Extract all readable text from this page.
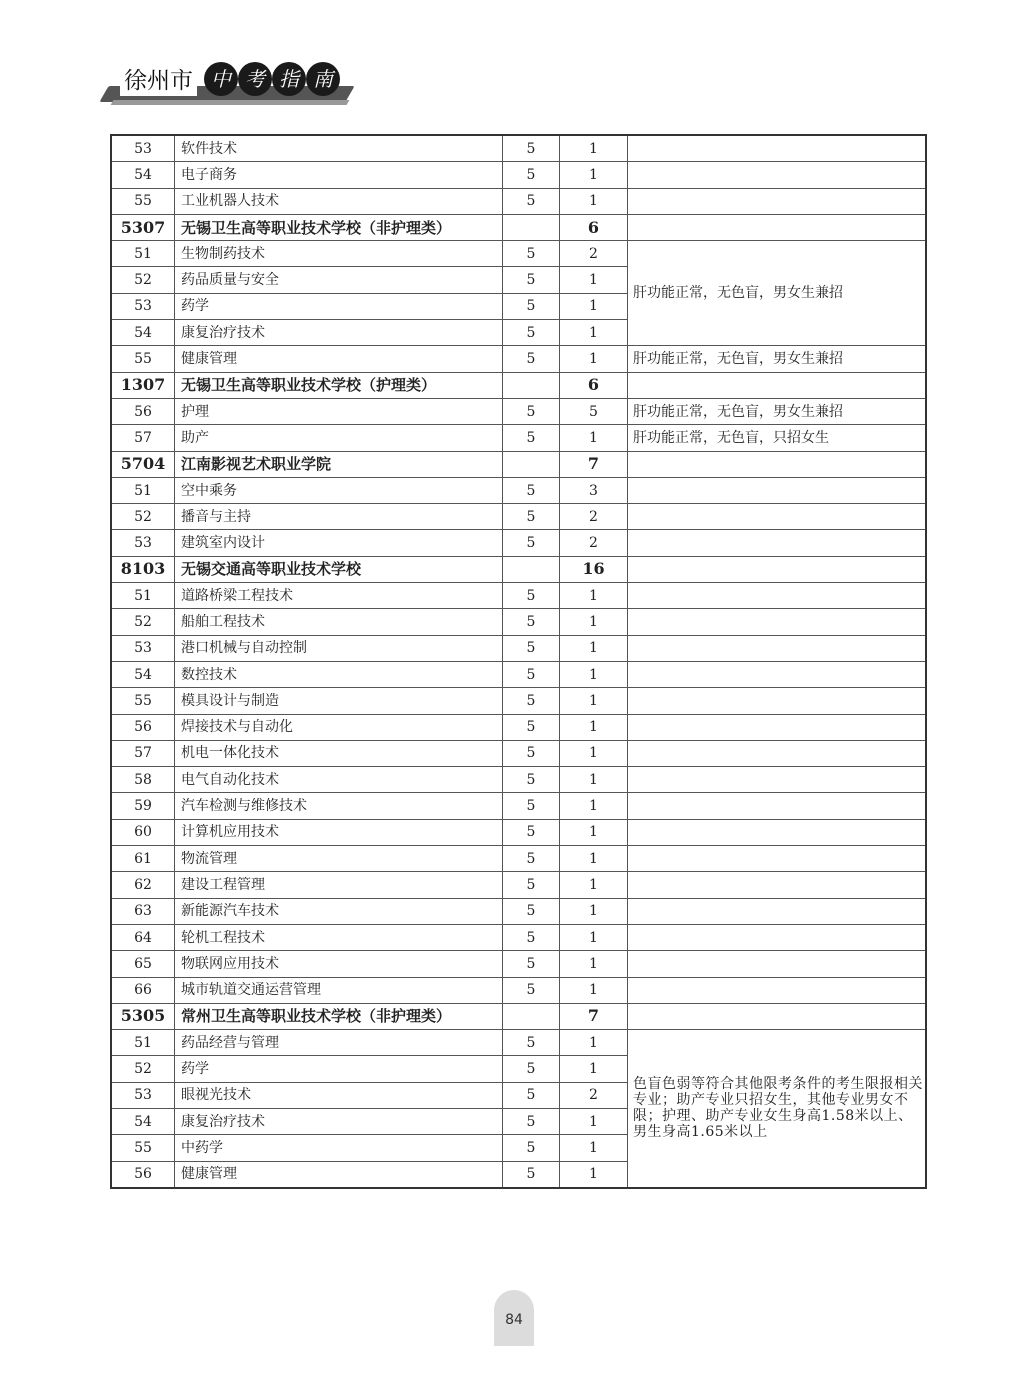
徐州市 中 考 指 南
53	软件技术	5	1	
54	电子商务	5	1	
55	工业机器人技术	5	1	
5307	无锡卫生高等职业技术学校（非护理类）		6	
51	生物制药技术	5	2	肝功能正常，无色盲，男女生兼招
52	药品质量与安全	5	1	
53	药学	5	1	
54	康复治疗技术	5	1	
55	健康管理	5	1	肝功能正常，无色盲，男女生兼招
1307	无锡卫生高等职业技术学校（护理类）		6	
56	护理	5	5	肝功能正常，无色盲，男女生兼招
57	助产	5	1	肝功能正常，无色盲，只招女生
5704	江南影视艺术职业学院		7	
51	空中乘务	5	3	
52	播音与主持	5	2	
53	建筑室内设计	5	2	
8103	无锡交通高等职业技术学校		16	
51	道路桥梁工程技术	5	1	
52	船舶工程技术	5	1	
53	港口机械与自动控制	5	1	
54	数控技术	5	1	
55	模具设计与制造	5	1	
56	焊接技术与自动化	5	1	
57	机电一体化技术	5	1	
58	电气自动化技术	5	1	
59	汽车检测与维修技术	5	1	
60	计算机应用技术	5	1	
61	物流管理	5	1	
62	建设工程管理	5	1	
63	新能源汽车技术	5	1	
64	轮机工程技术	5	1	
65	物联网应用技术	5	1	
66	城市轨道交通运营管理	5	1	
5305	常州卫生高等职业技术学校（非护理类）		7	
51	药品经营与管理	5	1	色盲色弱等符合其他限考条件的考生限报相关专业；助产专业只招女生，其他专业男女不限；护理、助产专业女生身高1.58米以上、男生身高1.65米以上
52	药学	5	1	
53	眼视光技术	5	2	
54	康复治疗技术	5	1	
55	中药学	5	1	
56	健康管理	5	1	
84
